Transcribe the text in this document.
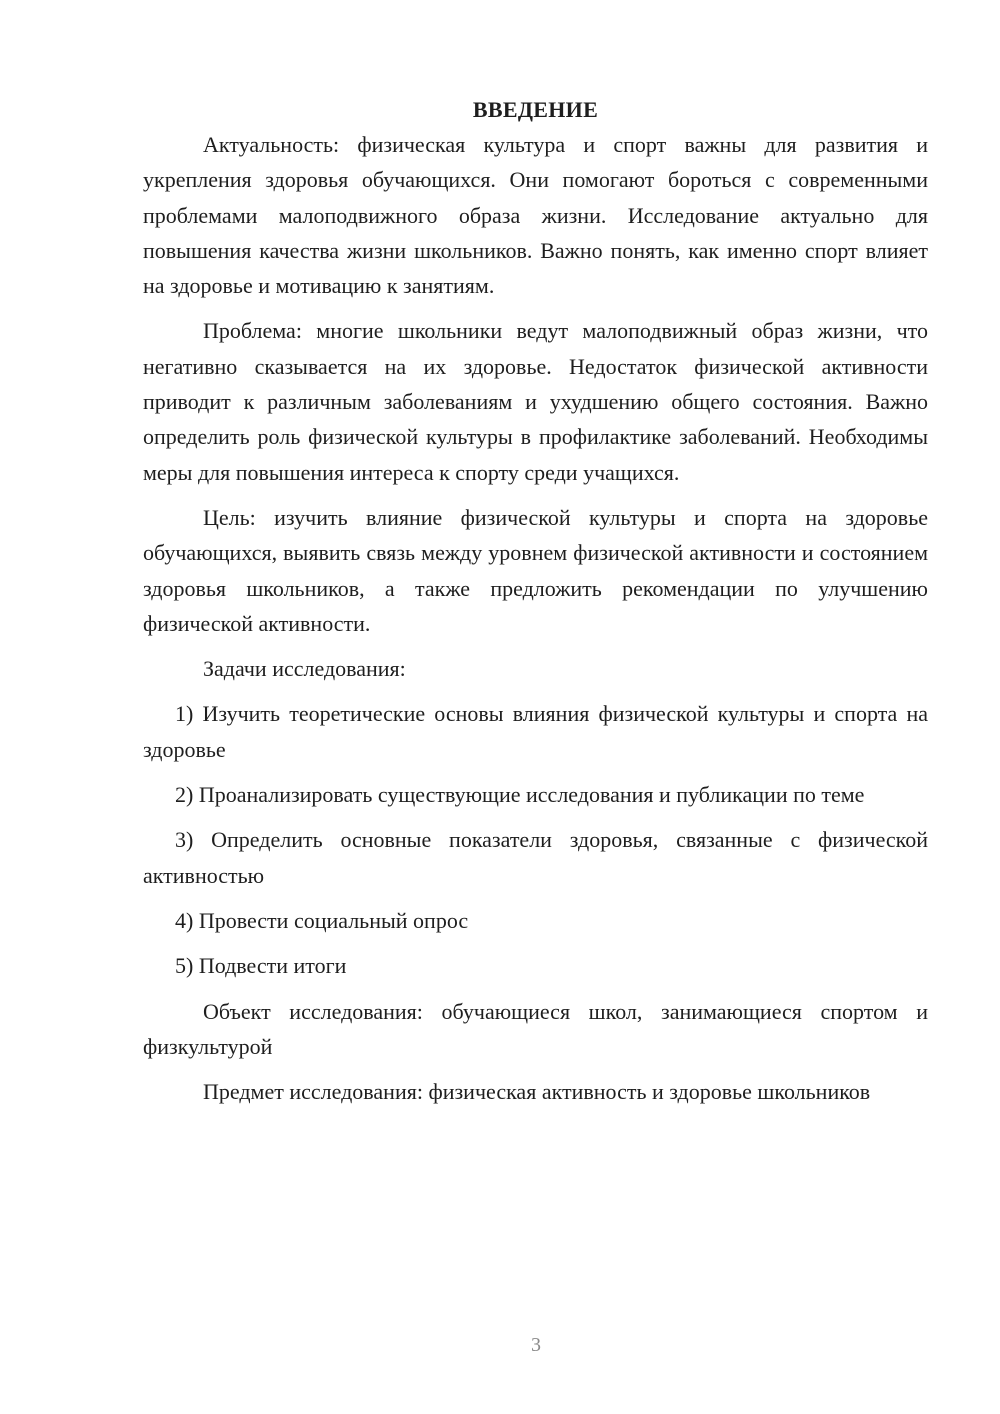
ВВЕДЕНИЕ

Актуальность: физическая культура и спорт важны для развития и укрепления здоровья обучающихся. Они помогают бороться с современными проблемами малоподвижного образа жизни. Исследование актуально для повышения качества жизни школьников. Важно понять, как именно спорт влияет на здоровье и мотивацию к занятиям.

Проблема: многие школьники ведут малоподвижный образ жизни, что негативно сказывается на их здоровье. Недостаток физической активности приводит к различным заболеваниям и ухудшению общего состояния. Важно определить роль физической культуры в профилактике заболеваний. Необходимы меры для повышения интереса к спорту среди учащихся.

Цель: изучить влияние физической культуры и спорта на здоровье обучающихся, выявить связь между уровнем физической активности и состоянием здоровья школьников, а также предложить рекомендации по улучшению физической активности.

Задачи исследования:

1) Изучить теоретические основы влияния физической культуры и спорта на здоровье

2) Проанализировать существующие исследования и публикации по теме

3) Определить основные показатели здоровья, связанные с физической активностью

4) Провести социальный опрос

5) Подвести итоги

Объект исследования: обучающиеся школ, занимающиеся спортом и физкультурой

Предмет исследования: физическая активность и здоровье школьников

3
